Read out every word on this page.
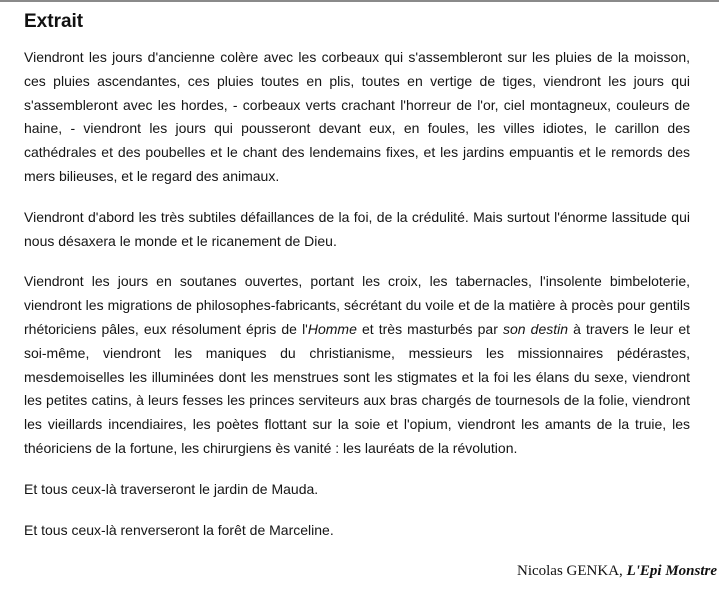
Extrait

Viendront les jours d'ancienne colère avec les corbeaux qui s'assembleront sur les pluies de la moisson, ces pluies ascendantes, ces pluies toutes en plis, toutes en vertige de tiges, viendront les jours qui s'assembleront avec les hordes, - corbeaux verts crachant l'horreur de l'or, ciel montagneux, couleurs de haine, - viendront les jours qui pousseront devant eux, en foules, les villes idiotes, le carillon des cathédrales et des poubelles et le chant des lendemains fixes, et les jardins empuantis et le remords des mers bilieuses, et le regard des animaux.

Viendront d'abord les très subtiles défaillances de la foi, de la crédulité. Mais surtout l'énorme lassitude qui nous désaxera le monde et le ricanement de Dieu.

Viendront les jours en soutanes ouvertes, portant les croix, les tabernacles, l'insolente bimbeloterie, viendront les migrations de philosophes-fabricants, sécrétant du voile et de la matière à procès pour gentils rhétoriciens pâles, eux résolument épris de l'Homme et très masturbés par son destin à travers le leur et soi-même, viendront les maniques du christianisme, messieurs les missionnaires pédérastes, mesdemoiselles les illuminées dont les menstrues sont les stigmates et la foi les élans du sexe, viendront les petites catins, à leurs fesses les princes serviteurs aux bras chargés de tournesols de la folie, viendront les vieillards incendiaires, les poètes flottant sur la soie et l'opium, viendront les amants de la truie, les théoriciens de la fortune, les chirurgiens ès vanité : les lauréats de la révolution.

Et tous ceux-là traverseront le jardin de Mauda.

Et tous ceux-là renverseront la forêt de Marceline.

Nicolas GENKA, L'Epi Monstre
